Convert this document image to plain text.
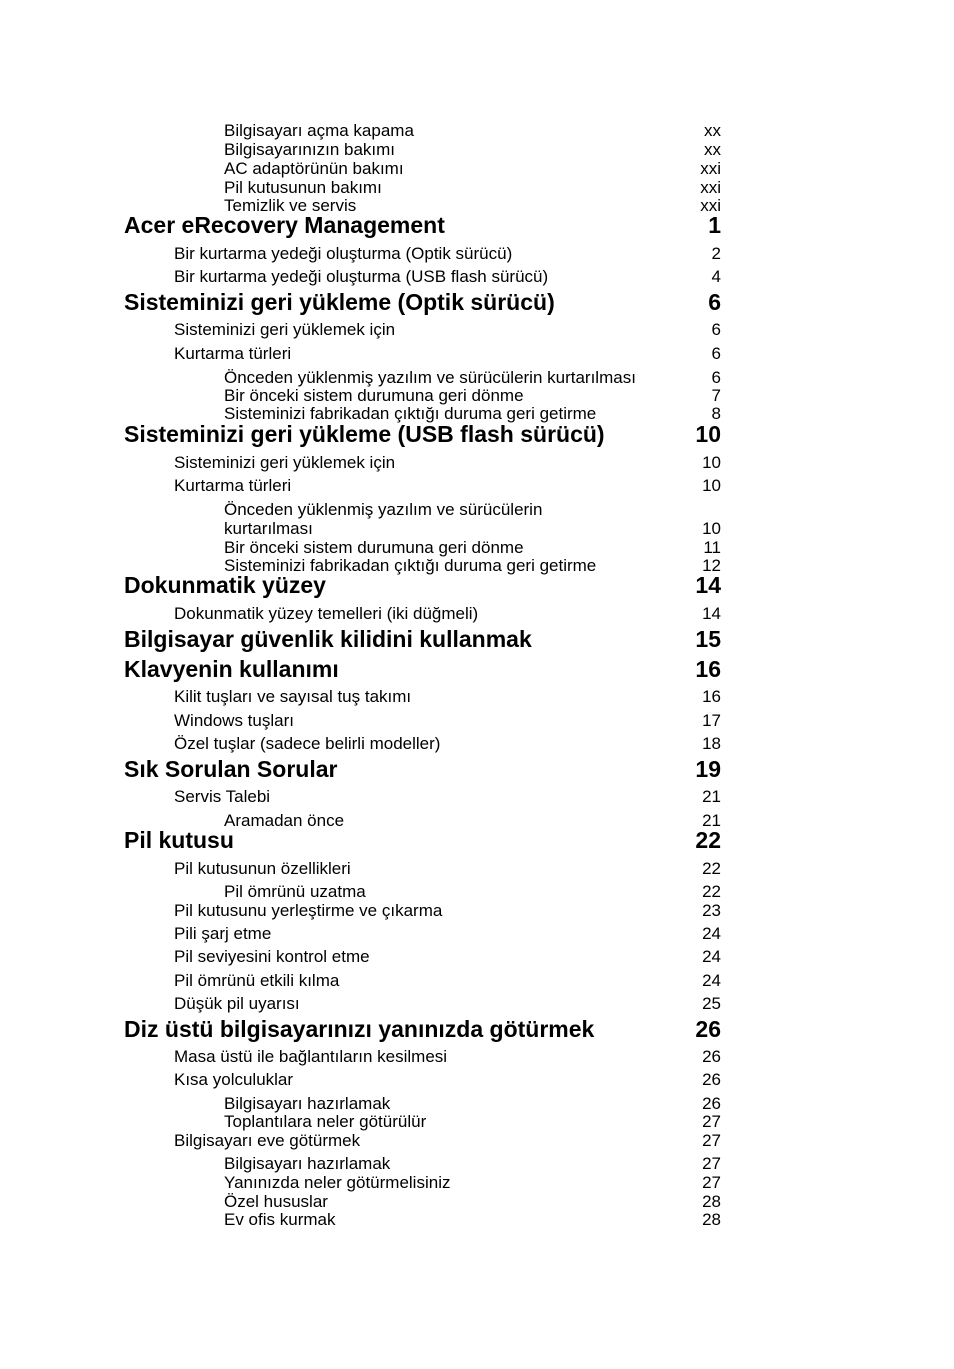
Bilgisayarı açma kapama	xx
Bilgisayarınızın bakımı	xx
AC adaptörünün bakımı	xxi
Pil kutusunun bakımı	xxi
Temizlik ve servis	xxi
Acer eRecovery Management	1
Bir kurtarma yedeği oluşturma (Optik sürücü)	2
Bir kurtarma yedeği oluşturma (USB flash sürücü)	4
Sisteminizi geri yükleme (Optik sürücü)	6
Sisteminizi geri yüklemek için	6
Kurtarma türleri	6
Önceden yüklenmiş yazılım ve sürücülerin kurtarılması	6
Bir önceki sistem durumuna geri dönme	7
Sisteminizi fabrikadan çıktığı duruma geri getirme	8
Sisteminizi geri yükleme (USB flash sürücü)	10
Sisteminizi geri yüklemek için	10
Kurtarma türleri	10
Önceden yüklenmiş yazılım ve sürücülerin kurtarılması	10
Bir önceki sistem durumuna geri dönme	11
Sisteminizi fabrikadan çıktığı duruma geri getirme	12
Dokunmatik yüzey	14
Dokunmatik yüzey temelleri (iki düğmeli)	14
Bilgisayar güvenlik kilidini kullanmak	15
Klavyenin kullanımı	16
Kilit tuşları ve sayısal tuş takımı	16
Windows tuşları	17
Özel tuşlar (sadece belirli modeller)	18
Sık Sorulan Sorular	19
Servis Talebi	21
Aramadan önce	21
Pil kutusu	22
Pil kutusunun özellikleri	22
Pil ömrünü uzatma	22
Pil kutusunu yerleştirme ve çıkarma	23
Pili şarj etme	24
Pil seviyesini kontrol etme	24
Pil ömrünü etkili kılma	24
Düşük pil uyarısı	25
Diz üstü bilgisayarınızı yanınızda götürmek	26
Masa üstü ile bağlantıların kesilmesi	26
Kısa yolculuklar	26
Bilgisayarı hazırlamak	26
Toplantılara neler götürülür	27
Bilgisayarı eve götürmek	27
Bilgisayarı hazırlamak	27
Yanınızda neler götürmelisiniz	27
Özel hususlar	28
Ev ofis kurmak	28
